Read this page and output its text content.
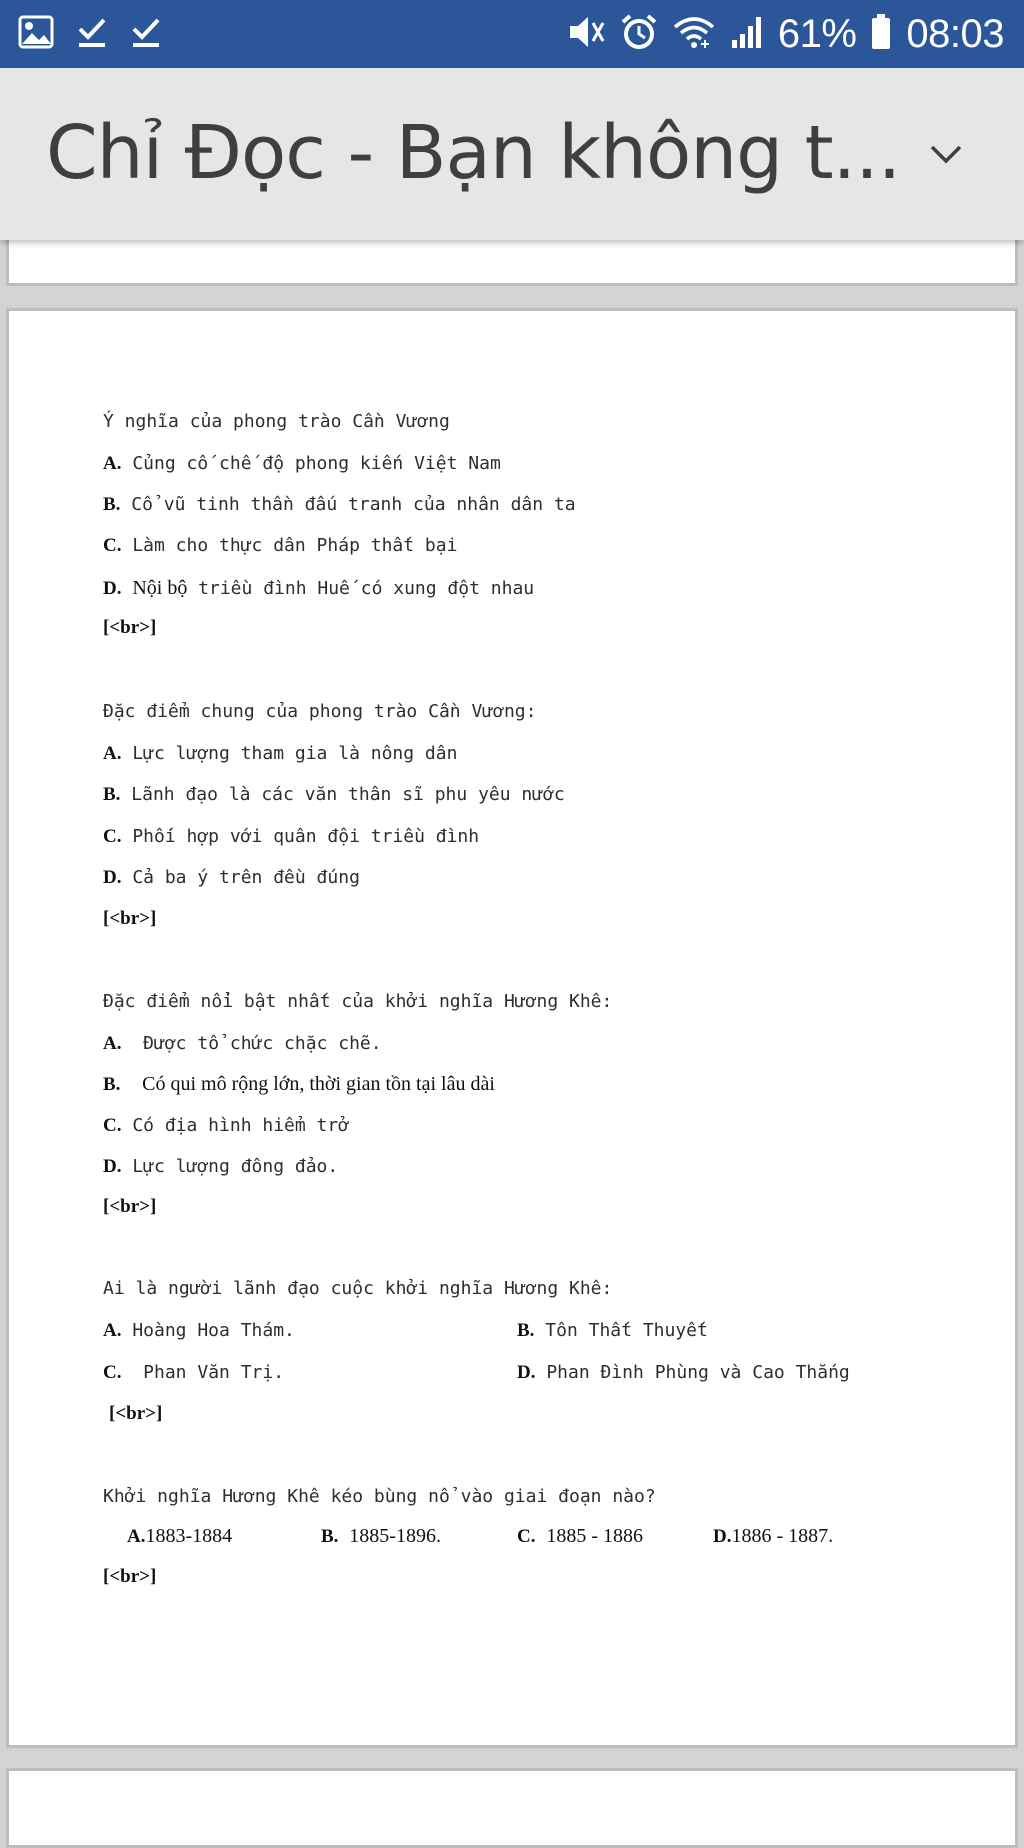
61% 08:03
Chỉ Đọc - Bạn không t...
Ý nghĩa của phong trào Cần Vương
A. Củng cố chế độ phong kiến Việt Nam
B. Cổ vũ tinh thần đấu tranh của nhân dân ta
C. Làm cho thực dân Pháp thất bại
D. Nội bộ triều đình Huế có xung đột nhau
[<br>]
Đặc điểm chung của phong trào Cần Vương:
A. Lực lượng tham gia là nông dân
B. Lãnh đạo là các văn thân sĩ phu yêu nước
C. Phối hợp với quân đội triều đình
D. Cả ba ý trên đều đúng
[<br>]
Đặc điểm nổi bật nhất của khởi nghĩa Hương Khê:
A. Được tổ chức chặc chẽ.
B. Có qui mô rộng lớn, thời gian tồn tại lâu dài
C. Có địa hình hiểm trở
D. Lực lượng đông đảo.
[<br>]
Ai là người lãnh đạo cuộc khởi nghĩa Hương Khê:
A. Hoàng Hoa Thám.	B. Tôn Thất Thuyết
C. Phan Văn Trị.	D. Phan Đình Phùng và Cao Thắng
[<br>]
Khởi nghĩa Hương Khê kéo bùng nổ vào giai đoạn nào?
A.1883-1884	B. 1885-1896.	C. 1885 - 1886	D.1886 - 1887.
[<br>]
